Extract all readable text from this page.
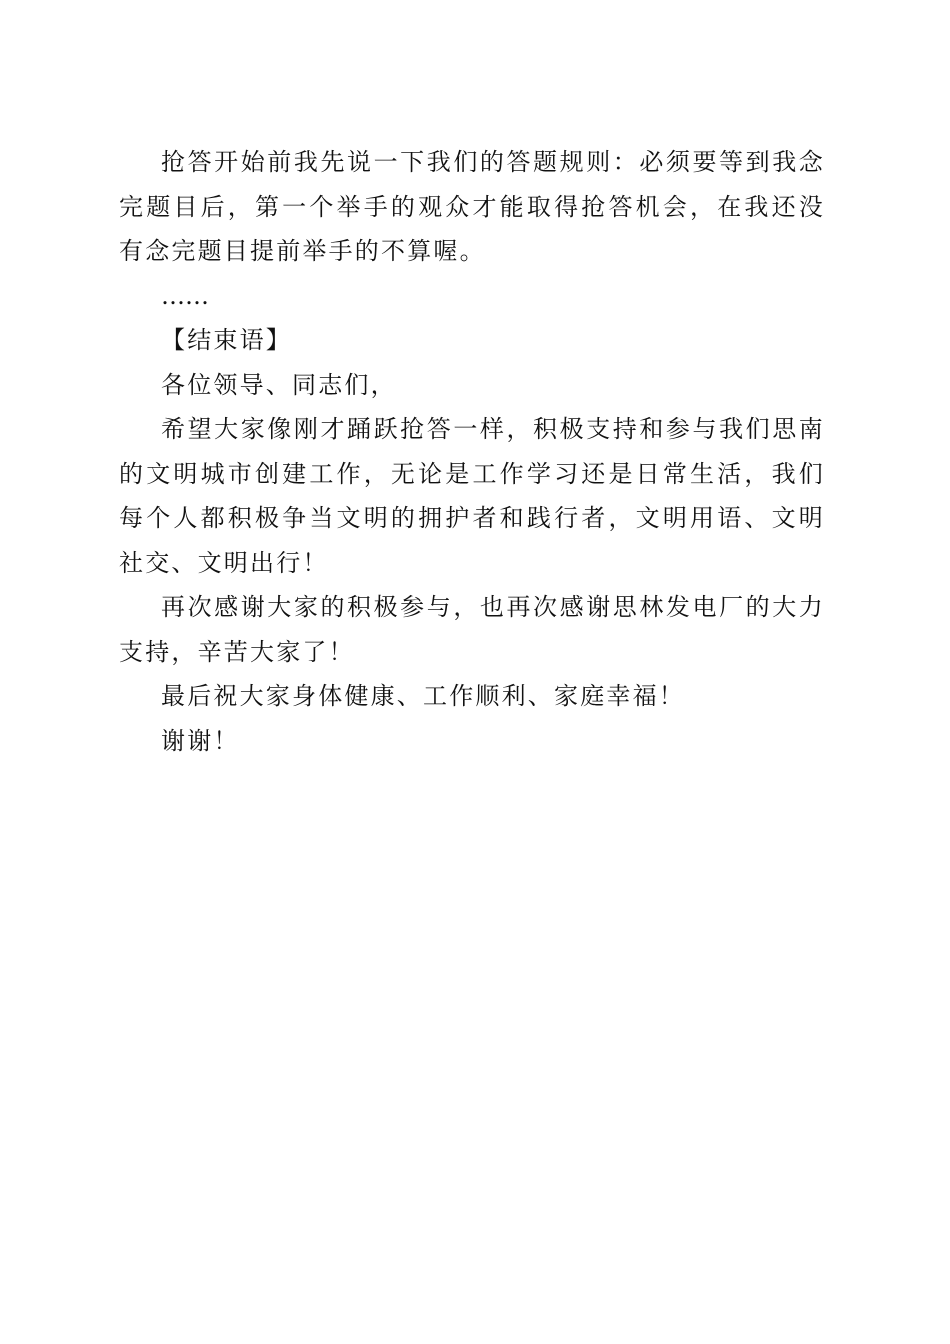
抢答开始前我先说一下我们的答题规则：必须要等到我念完题目后，第一个举手的观众才能取得抢答机会，在我还没有念完题目提前举手的不算喔。

……

【结束语】

各位领导、同志们，

希望大家像刚才踊跃抢答一样，积极支持和参与我们思南的文明城市创建工作，无论是工作学习还是日常生活，我们每个人都积极争当文明的拥护者和践行者，文明用语、文明社交、文明出行！

再次感谢大家的积极参与，也再次感谢思林发电厂的大力支持，辛苦大家了！

最后祝大家身体健康、工作顺利、家庭幸福！

谢谢！
